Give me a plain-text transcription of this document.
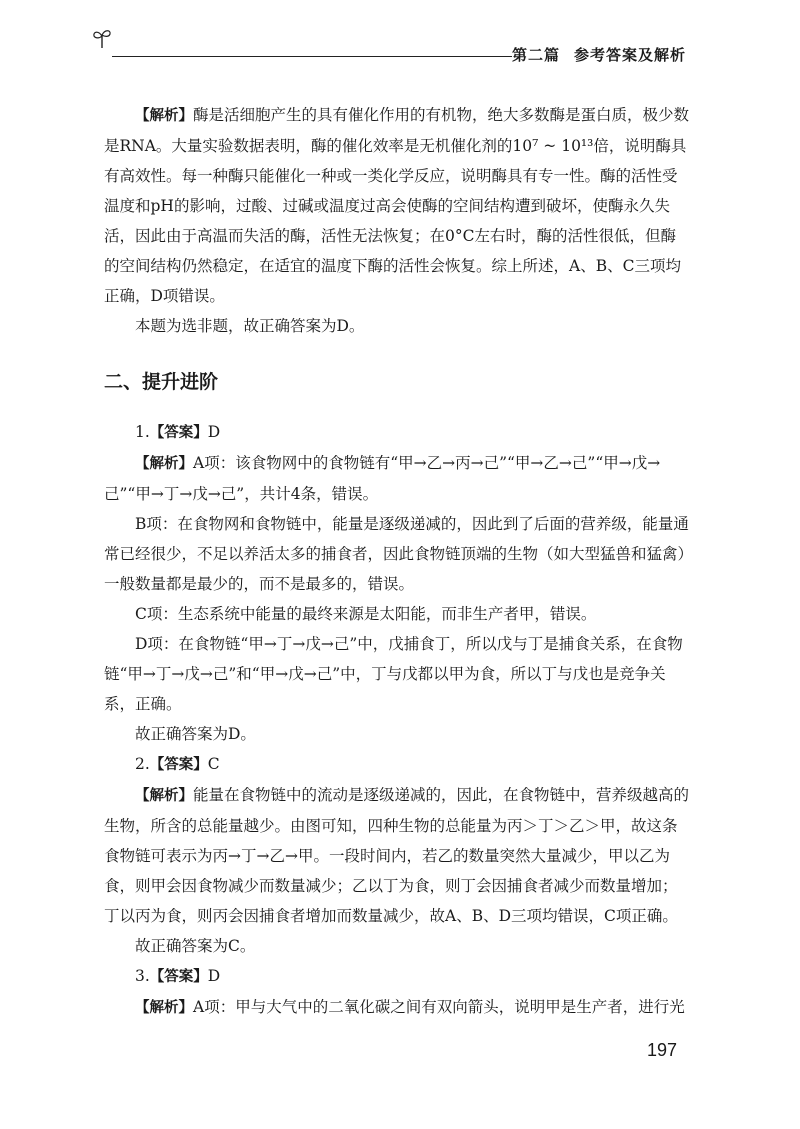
第二篇 参考答案及解析

【解析】酶是活细胞产生的具有催化作用的有机物，绝大多数酶是蛋白质，极少数是RNA。大量实验数据表明，酶的催化效率是无机催化剂的10⁷ ~ 10¹³倍，说明酶具有高效性。每一种酶只能催化一种或一类化学反应，说明酶具有专一性。酶的活性受温度和pH的影响，过酸、过碱或温度过高会使酶的空间结构遭到破坏，使酶永久失活，因此由于高温而失活的酶，活性无法恢复；在0°C左右时，酶的活性很低，但酶的空间结构仍然稳定，在适宜的温度下酶的活性会恢复。综上所述，A、B、C三项均正确，D项错误。

本题为选非题，故正确答案为D。

二、提升进阶

1.【答案】D

【解析】A项：该食物网中的食物链有“甲→乙→丙→己”“甲→乙→己”“甲→戊→己”“甲→丁→戊→己”，共计4条，错误。

B项：在食物网和食物链中，能量是逐级递减的，因此到了后面的营养级，能量通常已经很少，不足以养活太多的捕食者，因此食物链顶端的生物（如大型猛兽和猛禽）一般数量都是最少的，而不是最多的，错误。

C项：生态系统中能量的最终来源是太阳能，而非生产者甲，错误。

D项：在食物链“甲→丁→戊→己”中，戊捕食丁，所以戊与丁是捕食关系，在食物链“甲→丁→戊→己”和“甲→戊→己”中，丁与戊都以甲为食，所以丁与戊也是竞争关系，正确。

故正确答案为D。

2.【答案】C

【解析】能量在食物链中的流动是逐级递减的，因此，在食物链中，营养级越高的生物，所含的总能量越少。由图可知，四种生物的总能量为丙＞丁＞乙＞甲，故这条食物链可表示为丙→丁→乙→甲。一段时间内，若乙的数量突然大量减少，甲以乙为食，则甲会因食物减少而数量减少；乙以丁为食，则丁会因捕食者减少而数量增加；丁以丙为食，则丙会因捕食者增加而数量减少，故A、B、D三项均错误，C项正确。

故正确答案为C。

3.【答案】D

【解析】A项：甲与大气中的二氧化碳之间有双向箭头，说明甲是生产者，进行光

197
